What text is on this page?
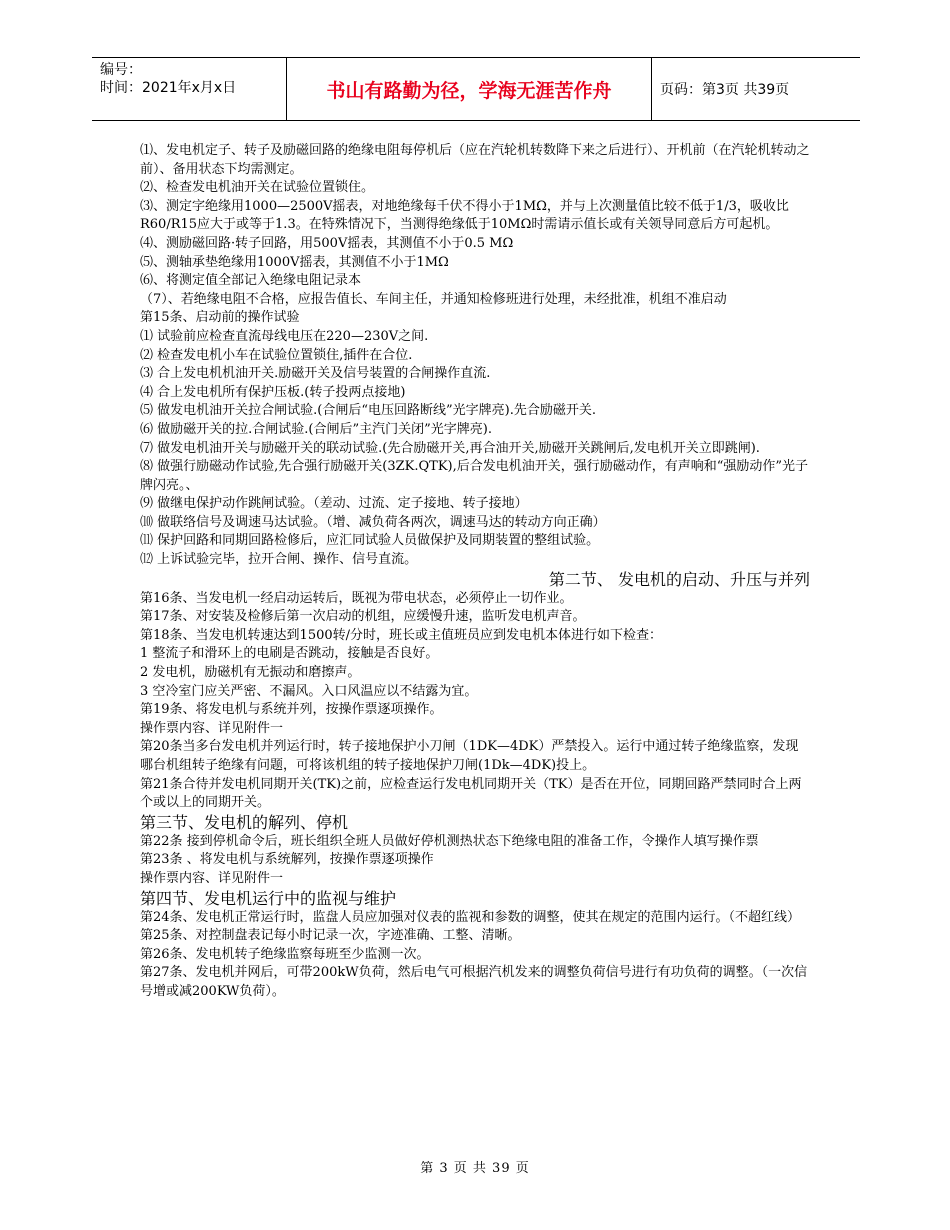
编号：
时间：2021年x月x日	书山有路勤为径，学海无涯苦作舟	页码：第3页 共39页

⑴、发电机定子、转子及励磁回路的绝缘电阻每停机后（应在汽轮机转数降下来之后进行）、开机前（在汽轮机转动之前）、备用状态下均需测定。

⑵、检查发电机油开关在试验位置锁住。

⑶、测定字绝缘用1000—2500V摇表，对地绝缘每千伏不得小于1MΩ，并与上次测量值比较不低于1/3，吸收比R60/R15应大于或等于1.3。在特殊情况下，当测得绝缘低于10MΩ时需请示值长或有关领导同意后方可起机。

⑷、测励磁回路·转子回路，用500V摇表，其测值不小于0.5 MΩ

⑸、测轴承垫绝缘用1000V摇表，其测值不小于1MΩ

⑹、将测定值全部记入绝缘电阻记录本

（7）、若绝缘电阻不合格，应报告值长、车间主任，并通知检修班进行处理，未经批准，机组不准启动

第15条、启动前的操作试验

⑴ 试验前应检查直流母线电压在220—230V之间.

⑵ 检查发电机小车在试验位置锁住,插件在合位.

⑶ 合上发电机机油开关.励磁开关及信号装置的合闸操作直流.

⑷ 合上发电机所有保护压板.(转子投两点接地)

⑸ 做发电机油开关拉合闸试验.(合闸后“电压回路断线”光字牌亮).先合励磁开关.

⑹ 做励磁开关的拉.合闸试验.(合闸后”主汽门关闭”光字牌亮).

⑺ 做发电机油开关与励磁开关的联动试验.(先合励磁开关,再合油开关,励磁开关跳闸后,发电机开关立即跳闸).

⑻ 做强行励磁动作试验,先合强行励磁开关(3ZK.QTK),后合发电机油开关，强行励磁动作，有声响和“强励动作”光子牌闪亮。、

⑼ 做继电保护动作跳闸试验。（差动、过流、定子接地、转子接地）

⑽ 做联络信号及调速马达试验。（增、减负荷各两次，调速马达的转动方向正确）

⑾ 保护回路和同期回路检修后，应汇同试验人员做保护及同期装置的整组试验。

⑿ 上诉试验完毕，拉开合闸、操作、信号直流。

第二节、 发电机的启动、升压与并列

第16条、当发电机一经启动运转后，既视为带电状态，必须停止一切作业。

第17条、对安装及检修后第一次启动的机组，应缓慢升速，监听发电机声音。

第18条、当发电机转速达到1500转/分时，班长或主值班员应到发电机本体进行如下检查：

1 整流子和滑环上的电刷是否跳动，接触是否良好。

2 发电机，励磁机有无振动和磨擦声。

3 空冷室门应关严密、不漏风。入口风温应以不结露为宜。

第19条、将发电机与系统并列，按操作票逐项操作。

操作票内容、详见附件一

第20条当多台发电机并列运行时，转子接地保护小刀闸（1DK—4DK）严禁投入。运行中通过转子绝缘监察，发现哪台机组转子绝缘有问题，可将该机组的转子接地保护刀闸(1Dk—4DK)投上。

第21条合待并发电机同期开关(TK)之前，应检查运行发电机同期开关（TK）是否在开位，同期回路严禁同时合上两个或以上的同期开关。

第三节、发电机的解列、停机

第22条 接到停机命令后，班长组织全班人员做好停机测热状态下绝缘电阻的准备工作，令操作人填写操作票

第23条 、将发电机与系统解列，按操作票逐项操作

操作票内容、详见附件一

第四节、发电机运行中的监视与维护

第24条、发电机正常运行时，监盘人员应加强对仪表的监视和参数的调整，使其在规定的范围内运行。（不超红线）

第25条、对控制盘表记每小时记录一次，字迹准确、工整、清晰。

第26条、发电机转子绝缘监察每班至少监测一次。

第27条、发电机并网后，可带200kW负荷，然后电气可根据汽机发来的调整负荷信号进行有功负荷的调整。（一次信号增或减200KW负荷）。

第 3 页 共 39 页
